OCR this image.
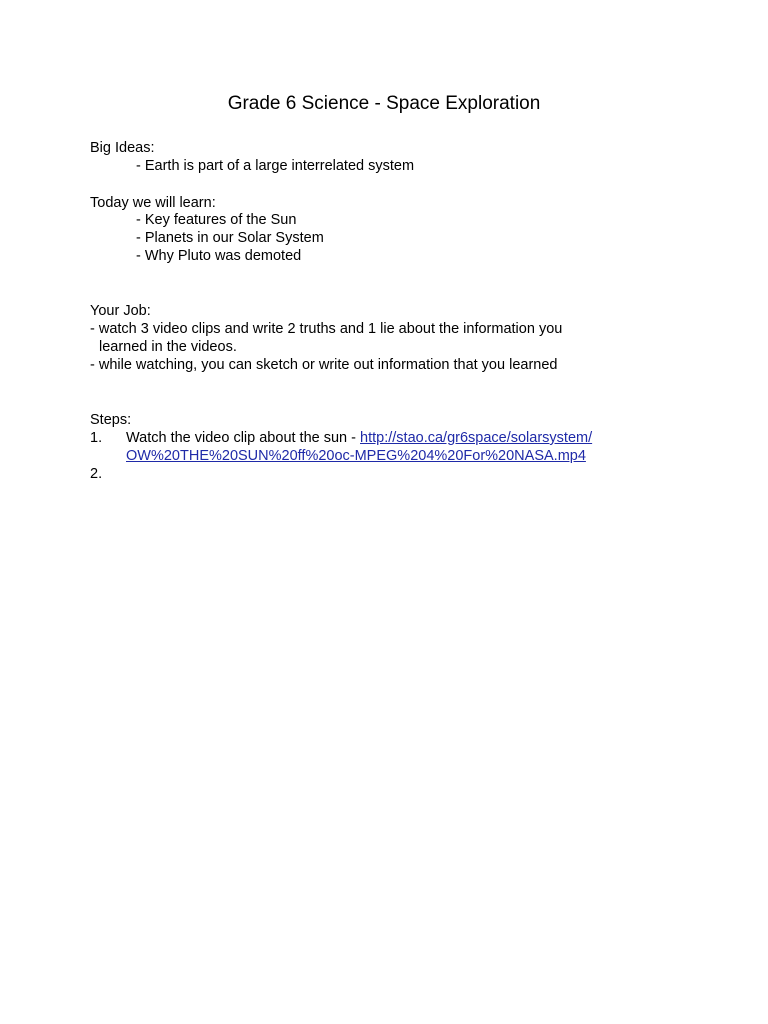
Grade 6 Science - Space Exploration
Big Ideas:
- Earth is part of a large interrelated system
Today we will learn:
- Key features of the Sun
- Planets in our Solar System
- Why Pluto was demoted
Your Job:
- watch 3 video clips and write 2 truths and 1 lie about the information you
learned in the videos.
- while watching, you can sketch or write out information that you learned
Steps:
1. Watch the video clip about the sun - http://stao.ca/gr6space/solarsystem/
OW%20THE%20SUN%20ff%20oc-MPEG%204%20For%20NASA.mp4
2.
